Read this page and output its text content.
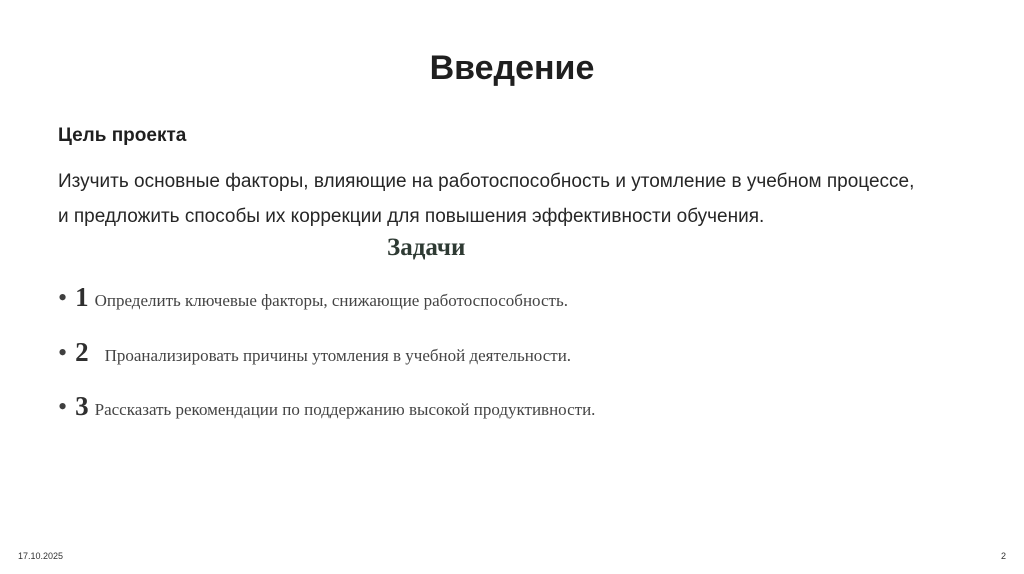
Введение
Цель проекта
Изучить основные факторы, влияющие на работоспособность и утомление в учебном процессе, и предложить способы их коррекции для повышения эффективности обучения.
Задачи
• 1 Определить ключевые факторы, снижающие работоспособность.
• 2 Проанализировать причины утомления в учебной деятельности.
• 3 Рассказать рекомендации по поддержанию высокой продуктивности.
17.10.2025	2
